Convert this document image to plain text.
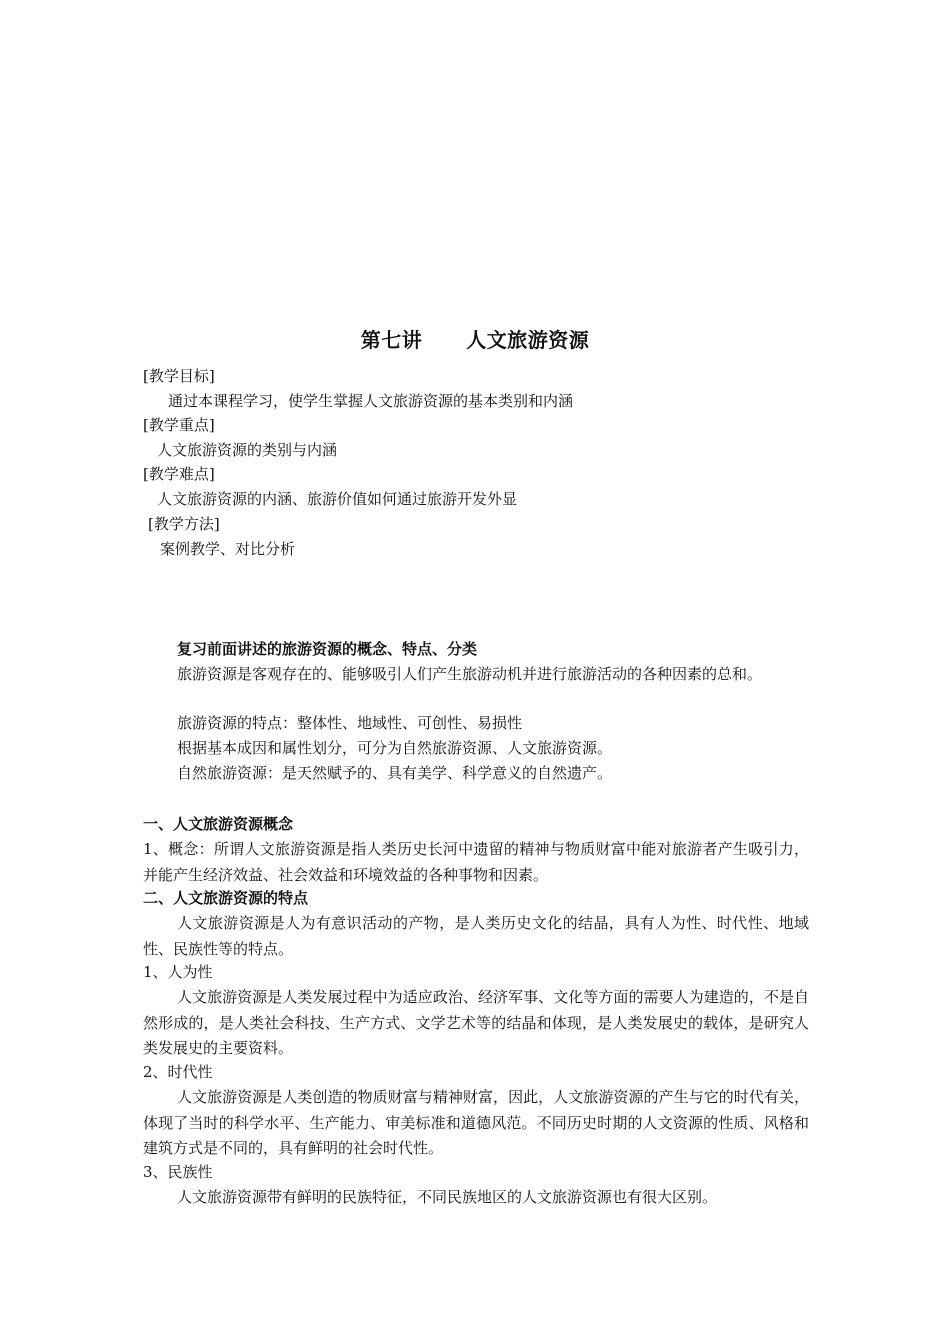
第七讲 人文旅游资源
[教学目标]
通过本课程学习，使学生掌握人文旅游资源的基本类别和内涵
[教学重点]
人文旅游资源的类别与内涵
[教学难点]
人文旅游资源的内涵、旅游价值如何通过旅游开发外显
[教学方法]
案例教学、对比分析
复习前面讲述的旅游资源的概念、特点、分类
旅游资源是客观存在的、能够吸引人们产生旅游动机并进行旅游活动的各种因素的总和。
旅游资源的特点：整体性、地域性、可创性、易损性
根据基本成因和属性划分，可分为自然旅游资源、人文旅游资源。
自然旅游资源：是天然赋予的、具有美学、科学意义的自然遗产。
一、人文旅游资源概念
1、概念：所谓人文旅游资源是指人类历史长河中遗留的精神与物质财富中能对旅游者产生吸引力，并能产生经济效益、社会效益和环境效益的各种事物和因素。
二、人文旅游资源的特点
人文旅游资源是人为有意识活动的产物，是人类历史文化的结晶，具有人为性、时代性、地域性、民族性等的特点。
1、人为性
人文旅游资源是人类发展过程中为适应政治、经济军事、文化等方面的需要人为建造的，不是自然形成的，是人类社会科技、生产方式、文学艺术等的结晶和体现，是人类发展史的载体，是研究人类发展史的主要资料。
2、时代性
人文旅游资源是人类创造的物质财富与精神财富，因此，人文旅游资源的产生与它的时代有关，体现了当时的科学水平、生产能力、审美标准和道德风范。不同历史时期的人文资源的性质、风格和建筑方式是不同的，具有鲜明的社会时代性。
3、民族性
人文旅游资源带有鲜明的民族特征，不同民族地区的人文旅游资源也有很大区别。
